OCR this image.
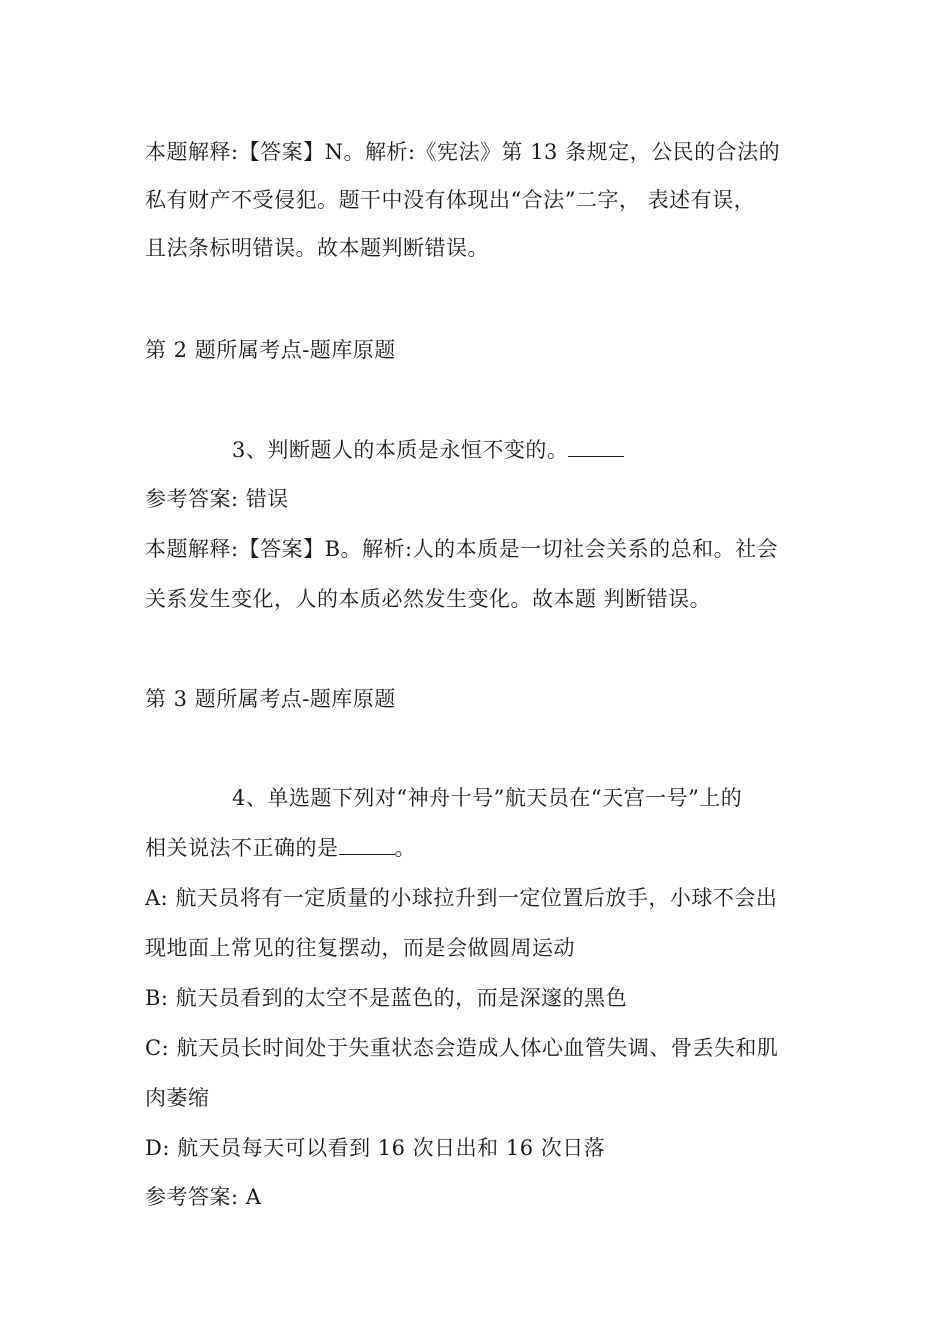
本题解释:【答案】N。解析:《宪法》第 13 条规定，公民的合法的
私有财产不受侵犯。题干中没有体现出“合法”二字， 表述有误，
且法条标明错误。故本题判断错误。
第 2 题所属考点-题库原题
3、判断题人的本质是永恒不变的。
参考答案: 错误
本题解释:【答案】B。解析:人的本质是一切社会关系的总和。社会
关系发生变化，人的本质必然发生变化。故本题 判断错误。
第 3 题所属考点-题库原题
4、单选题下列对“神舟十号”航天员在“天宫一号”上的
相关说法不正确的是	。
A: 航天员将有一定质量的小球拉升到一定位置后放手，小球不会出
现地面上常见的往复摆动，而是会做圆周运动
B: 航天员看到的太空不是蓝色的，而是深邃的黑色
C: 航天员长时间处于失重状态会造成人体心血管失调、骨丢失和肌
肉萎缩
D: 航天员每天可以看到 16 次日出和 16 次日落
参考答案: A
